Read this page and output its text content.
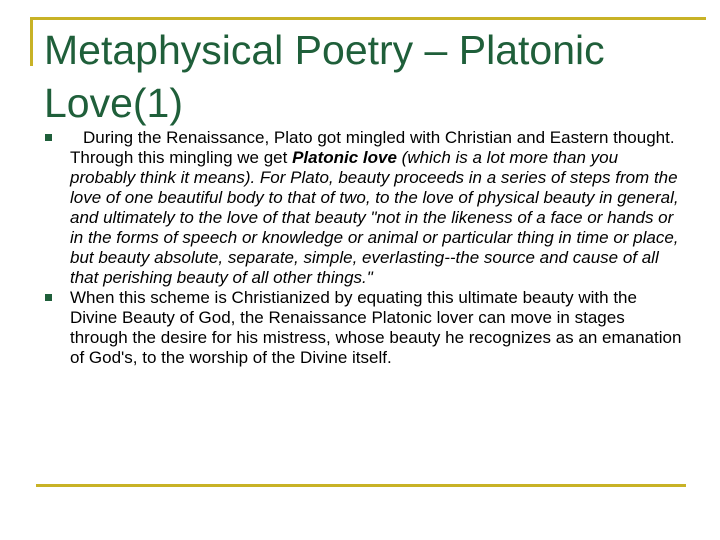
Metaphysical Poetry – Platonic Love(1)
During the Renaissance, Plato got mingled with Christian and Eastern thought. Through this mingling we get Platonic love (which is a lot more than you probably think it means). For Plato, beauty proceeds in a series of steps from the love of one beautiful body to that of two, to the love of physical beauty in general, and ultimately to the love of that beauty "not in the likeness of a face or hands or in the forms of speech or knowledge or animal or particular thing in time or place, but beauty absolute, separate, simple, everlasting--the source and cause of all that perishing beauty of all other things."
When this scheme is Christianized by equating this ultimate beauty with the Divine Beauty of God, the Renaissance Platonic lover can move in stages through the desire for his mistress, whose beauty he recognizes as an emanation of God's, to the worship of the Divine itself.
